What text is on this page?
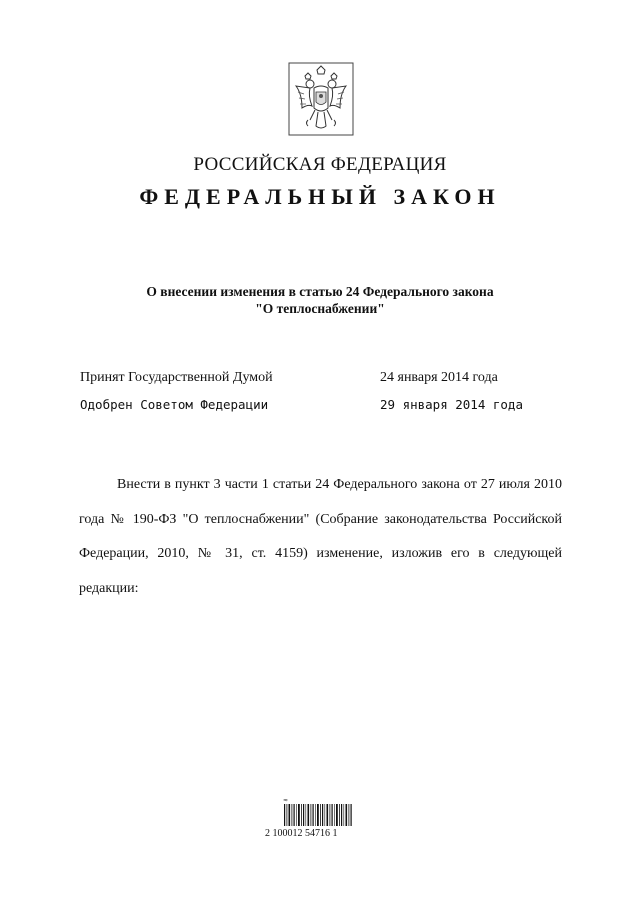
РОССИЙСКАЯ ФЕДЕРАЦИЯ
ФЕДЕРАЛЬНЫЙ ЗАКОН
О внесении изменения в статью 24 Федерального закона
"О теплоснабжении"
Принят Государственной Думой	24 января 2014 года
Одобрен Советом Федерации	29 января 2014 года
Внести в пункт 3 части 1 статьи 24 Федерального закона от 27 июля 2010 года № 190-ФЗ "О теплоснабжении" (Собрание законодательства Российской Федерации, 2010, № 31, ст. 4159) изменение, изложив его в следующей редакции:
≈
2 100012 54716 1
